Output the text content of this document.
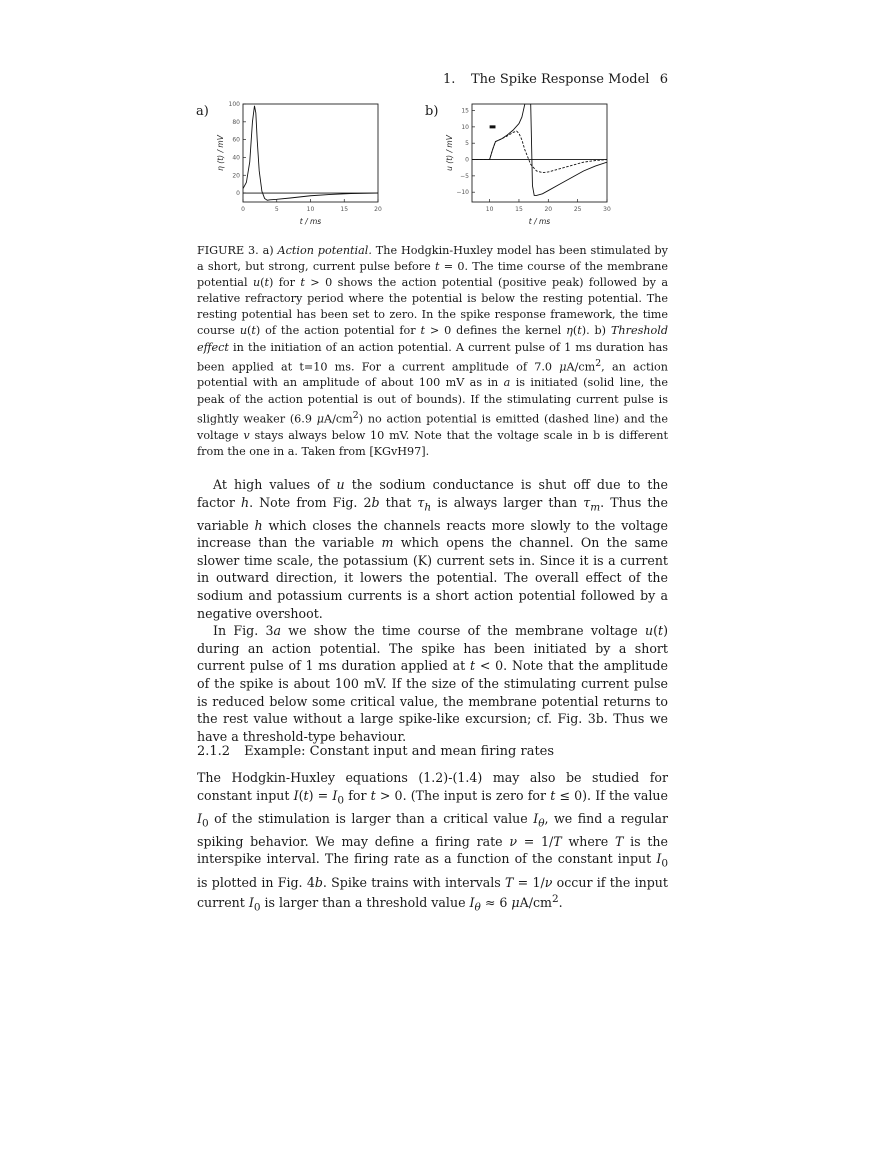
1. The Spike Response Model 6
a)	b)
0	5	10	15	20
0
20
40
60
80
100
t / ms
η (t) / mV
10	15	20	25	30
−10
−5
0
5
10
15
t / ms
u (t) / mV
FIGURE 3. a) Action potential. The Hodgkin-Huxley model has been stimulated by a short, but strong, current pulse before t = 0. The time course of the membrane potential u(t) for t > 0 shows the action potential (positive peak) followed by a relative refractory period where the potential is below the resting potential. The resting potential has been set to zero. In the spike response framework, the time course u(t) of the action potential for t > 0 defines the kernel η(t). b) Threshold effect in the initiation of an action potential. A current pulse of 1 ms duration has been applied at t=10 ms. For a current amplitude of 7.0 $\mu A/cm^2$, an action potential with an amplitude of about 100 mV as in a is initiated (solid line, the peak of the action potential is out of bounds). If the stimulating current pulse is slightly weaker (6.9 $\mu A/cm^2$) no action potential is emitted (dashed line) and the voltage v stays always below 10 mV. Note that the voltage scale in b is different from the one in a. Taken from [KGvH97].

At high values of u the sodium conductance is shut off due to the factor h. Note from Fig. 2b that $\tau_h$ is always larger than $\tau_m$. Thus the variable h which closes the channels reacts more slowly to the voltage increase than the variable m which opens the channel. On the same slower time scale, the potassium (K) current sets in. Since it is a current in outward direction, it lowers the potential. The overall effect of the sodium and potassium currents is a short action potential followed by a negative overshoot.

In Fig. 3a we show the time course of the membrane voltage u(t) during an action potential. The spike has been initiated by a short current pulse of 1 ms duration applied at t < 0. Note that the amplitude of the spike is about 100 mV. If the size of the stimulating current pulse is reduced below some critical value, the membrane potential returns to the rest value without a large spike-like excursion; cf. Fig. 3b. Thus we have a threshold-type behaviour.

2.1.2 Example: Constant input and mean firing rates

The Hodgkin-Huxley equations (1.2)-(1.4) may also be studied for constant input $I(t) = I_0$ for t > 0. (The input is zero for t ≤ 0). If the value $I_0$ of the stimulation is larger than a critical value $I_\theta$, we find a regular spiking behavior. We may define a firing rate ν = 1/T where T is the interspike interval. The firing rate as a function of the constant input $I_0$ is plotted in Fig. 4b. Spike trains with intervals T = 1/ν occur if the input current $I_0$ is larger than a threshold value $I_\theta \approx 6$ $\mu A/cm^2$.
